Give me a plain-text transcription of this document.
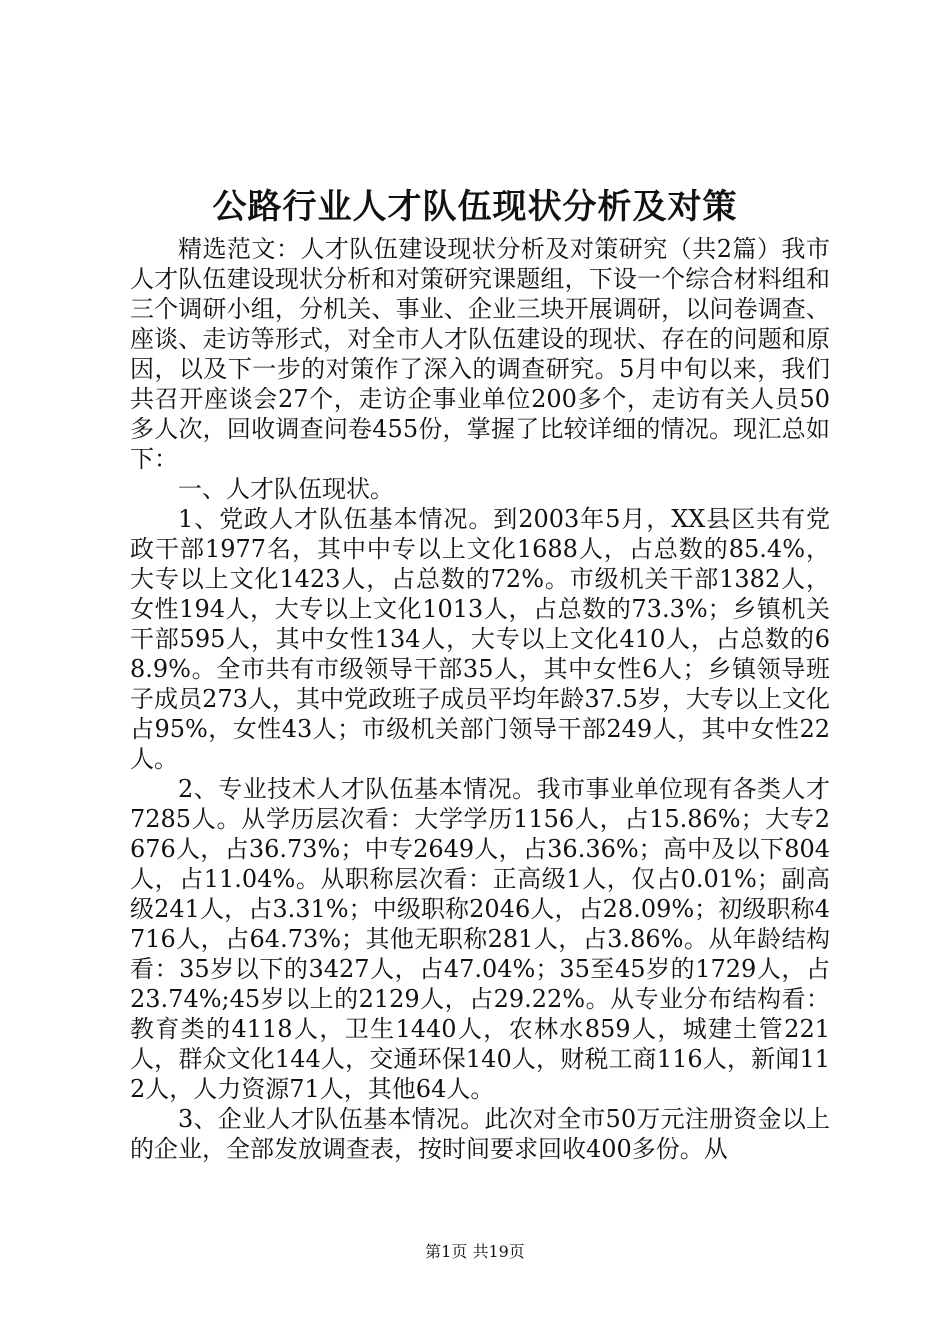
公路行业人才队伍现状分析及对策

精选范文：人才队伍建设现状分析及对策研究（共2篇）我市人才队伍建设现状分析和对策研究课题组，下设一个综合材料组和三个调研小组，分机关、事业、企业三块开展调研，以问卷调查、座谈、走访等形式，对全市人才队伍建设的现状、存在的问题和原因，以及下一步的对策作了深入的调查研究。5月中旬以来，我们共召开座谈会27个，走访企事业单位200多个，走访有关人员50多人次，回收调查问卷455份，掌握了比较详细的情况。现汇总如下：

一、人才队伍现状。

1、党政人才队伍基本情况。到2003年5月，XX县区共有党政干部1977名，其中中专以上文化1688人，占总数的85.4%，大专以上文化1423人，占总数的72%。市级机关干部1382人，女性194人，大专以上文化1013人，占总数的73.3%；乡镇机关干部595人，其中女性134人，大专以上文化410人，占总数的68.9%。全市共有市级领导干部35人，其中女性6人；乡镇领导班子成员273人，其中党政班子成员平均年龄37.5岁，大专以上文化占95%，女性43人；市级机关部门领导干部249人，其中女性22人。

2、专业技术人才队伍基本情况。我市事业单位现有各类人才7285人。从学历层次看：大学学历1156人，占15.86%；大专2676人，占36.73%；中专2649人，占36.36%；高中及以下804人，占11.04%。从职称层次看：正高级1人，仅占0.01%；副高级241人，占3.31%；中级职称2046人，占28.09%；初级职称4716人，占64.73%；其他无职称281人，占3.86%。从年龄结构看：35岁以下的3427人，占47.04%；35至45岁的1729人，占23.74%;45岁以上的2129人，占29.22%。从专业分布结构看：教育类的4118人，卫生1440人，农林水859人，城建土管221人，群众文化144人，交通环保140人，财税工商116人，新闻112人，人力资源71人，其他64人。

3、企业人才队伍基本情况。此次对全市50万元注册资金以上的企业，全部发放调查表，按时间要求回收400多份。从

第1页 共19页
